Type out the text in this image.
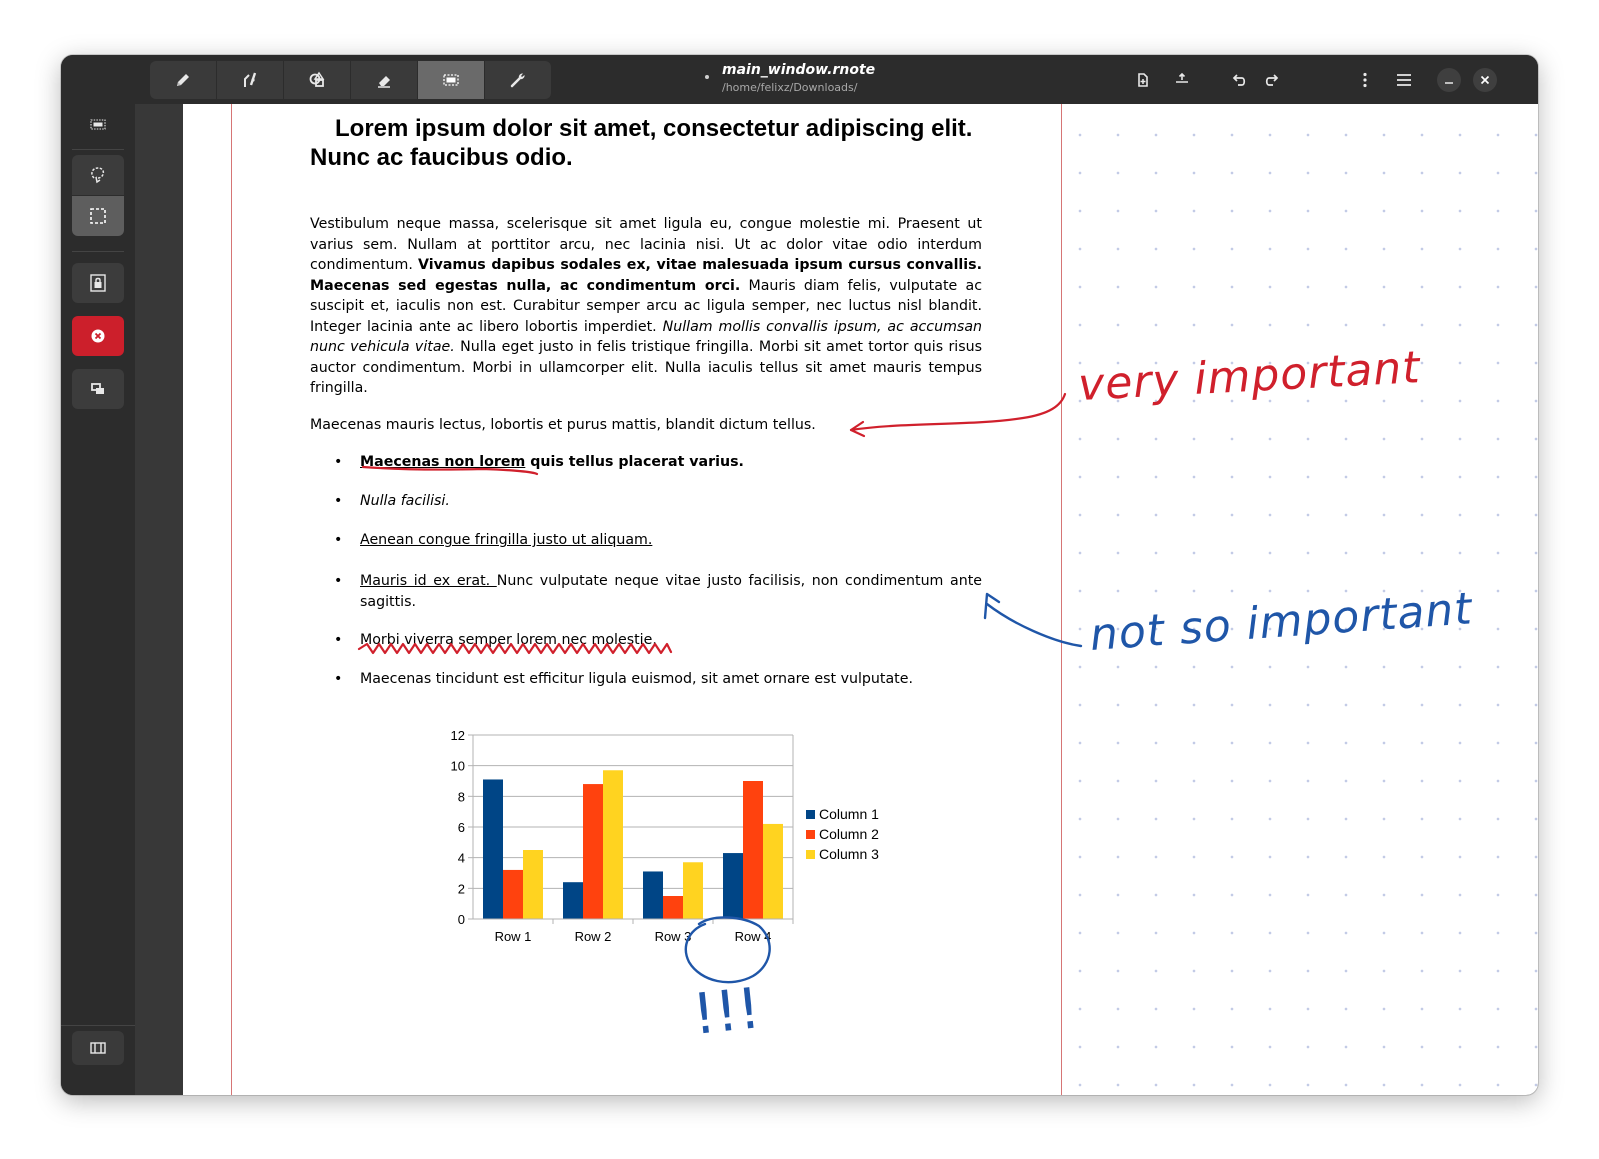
main_window.rnote
/home/felixz/Downloads/
Lorem ipsum dolor sit amet, consectetur adipiscing elit. Nunc ac faucibus odio.
Vestibulum neque massa, scelerisque sit amet ligula eu, congue molestie mi. Praesent ut varius sem. Nullam at porttitor arcu, nec lacinia nisi. Ut ac dolor vitae odio interdum condimentum. Vivamus dapibus sodales ex, vitae malesuada ipsum cursus convallis. Maecenas sed egestas nulla, ac condimentum orci. Mauris diam felis, vulputate ac suscipit et, iaculis non est. Curabitur semper arcu ac ligula semper, nec luctus nisl blandit. Integer lacinia ante ac libero lobortis imperdiet. Nullam mollis convallis ipsum, ac accumsan nunc vehicula vitae. Nulla eget justo in felis tristique fringilla. Morbi sit amet tortor quis risus auctor condimentum. Morbi in ullamcorper elit. Nulla iaculis tellus sit amet mauris tempus fringilla.
Maecenas mauris lectus, lobortis et purus mattis, blandit dictum tellus.
• Maecenas non lorem quis tellus placerat varius.
• Nulla facilisi.
• Aenean congue fringilla justo ut aliquam.
• Mauris id ex erat. Nunc vulputate neque vitae justo facilisis, non condimentum ante sagittis.
• Morbi viverra semper lorem nec molestie.
• Maecenas tincidunt est efficitur ligula euismod, sit amet ornare est vulputate.
0
2
4
6
8
10
12
Row 1	Row 2	Row 3	Row 4
Column 1
Column 2
Column 3
very important
not so important
!!!
